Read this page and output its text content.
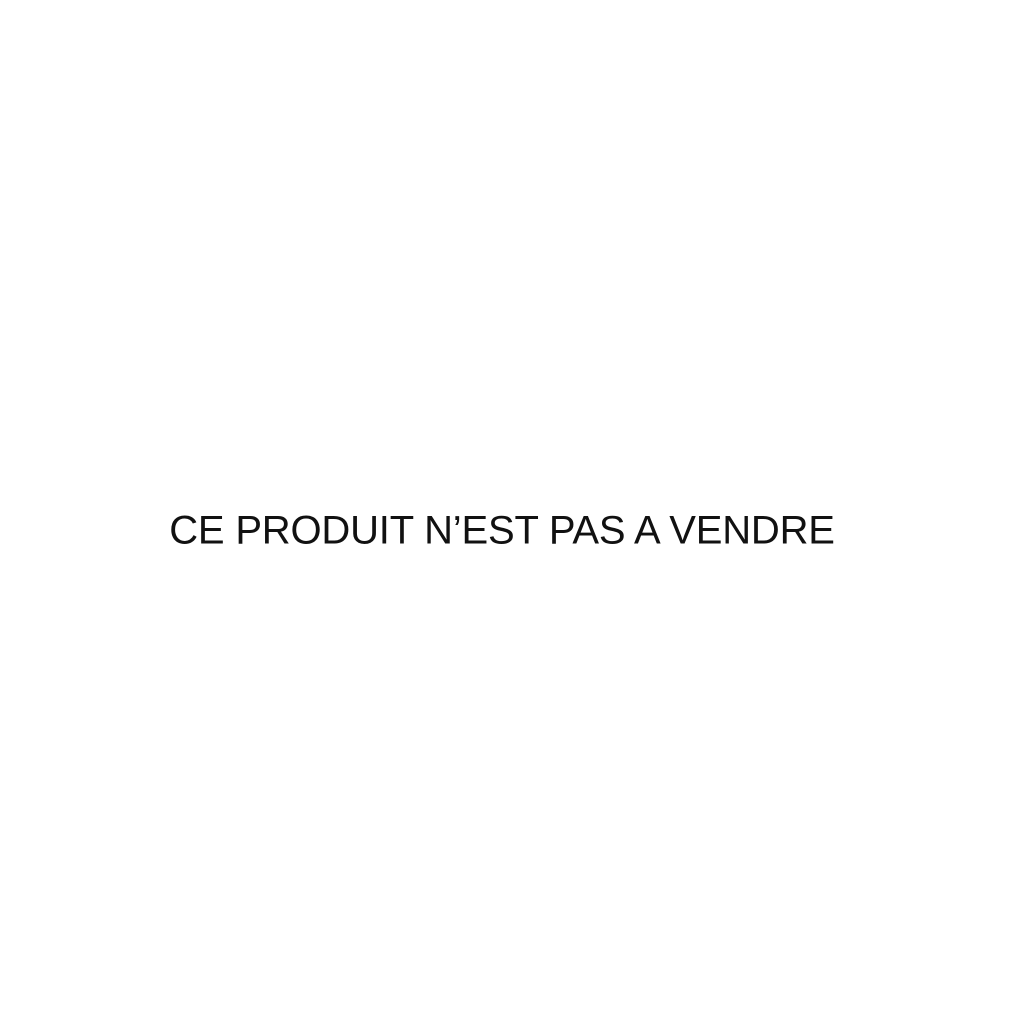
CE PRODUIT N’EST PAS A VENDRE
